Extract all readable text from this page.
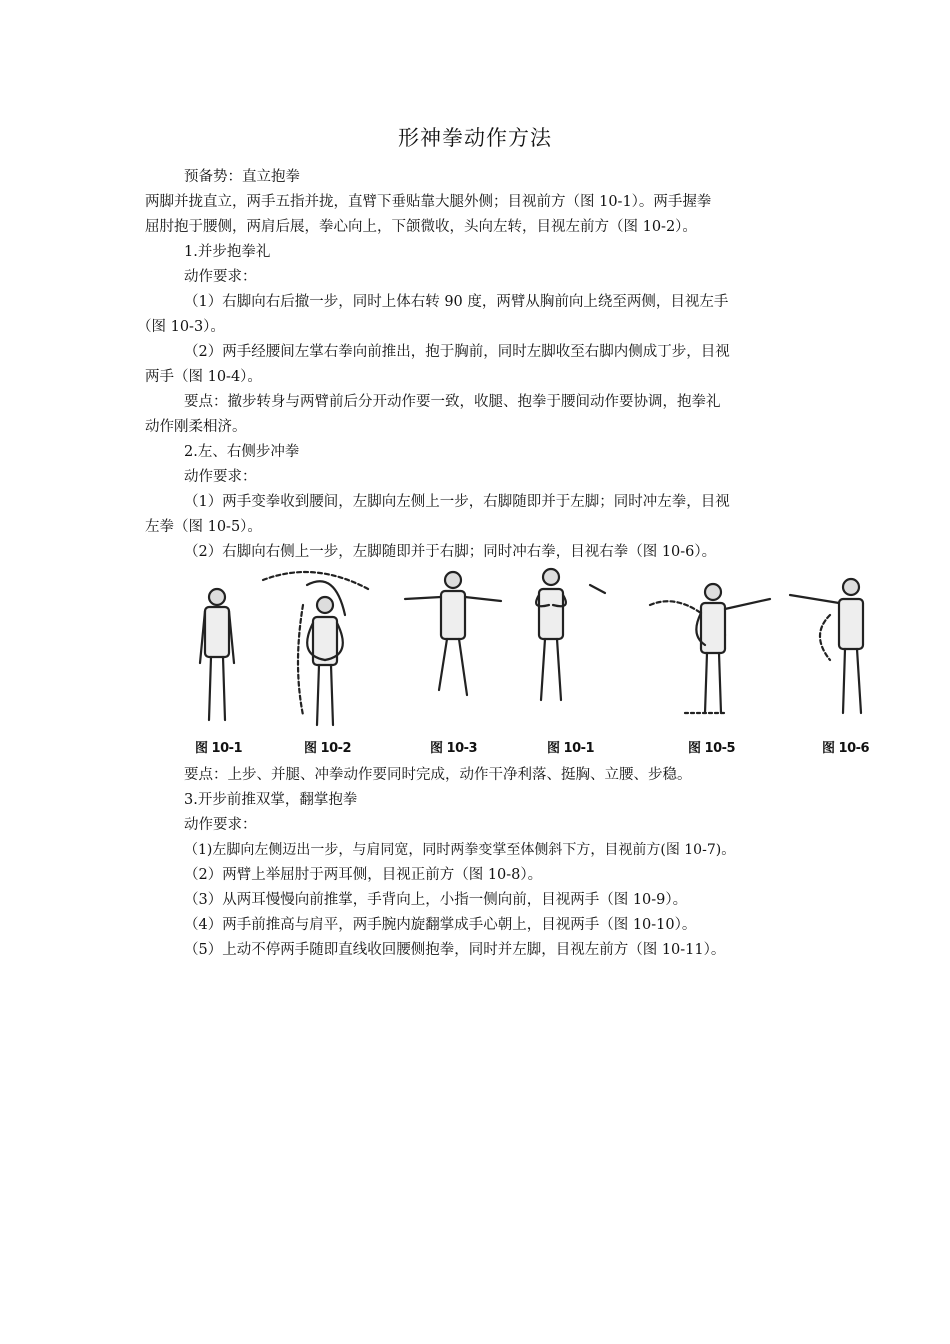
形神拳动作方法
预备势：直立抱拳
两脚并拢直立，两手五指并拢，直臂下垂贴靠大腿外侧；目视前方（图 10-1）。两手握拳
屈肘抱于腰侧，两肩后展，拳心向上，下颌微收，头向左转，目视左前方（图 10-2）。
1.并步抱拳礼
动作要求：
（1）右脚向右后撤一步，同时上体右转 90 度，两臂从胸前向上绕至两侧，目视左手
（图 10-3）。
（2）两手经腰间左掌右拳向前推出，抱于胸前，同时左脚收至右脚内侧成丁步，目视
两手（图 10-4）。
要点：撤步转身与两臂前后分开动作要一致，收腿、抱拳于腰间动作要协调，抱拳礼
动作刚柔相济。
2.左、右侧步冲拳
动作要求：
（1）两手变拳收到腰间，左脚向左侧上一步，右脚随即并于左脚；同时冲左拳，目视
左拳（图 10-5）。
（2）右脚向右侧上一步，左脚随即并于右脚；同时冲右拳，目视右拳（图 10-6）。
图 10-1	图 10-2	图 10-3	图 10-1	图 10-5	图 10-6
要点：上步、并腿、冲拳动作要同时完成，动作干净利落、挺胸、立腰、步稳。
3.开步前推双掌，翻掌抱拳
动作要求：
（1)左脚向左侧迈出一步，与肩同宽，同时两拳变掌至体侧斜下方，目视前方(图 10-7)。
（2）两臂上举屈肘于两耳侧，目视正前方（图 10-8）。
（3）从两耳慢慢向前推掌，手背向上，小指一侧向前，目视两手（图 10-9）。
（4）两手前推高与肩平，两手腕内旋翻掌成手心朝上，目视两手（图 10-10）。
（5）上动不停两手随即直线收回腰侧抱拳，同时并左脚，目视左前方（图 10-11）。
